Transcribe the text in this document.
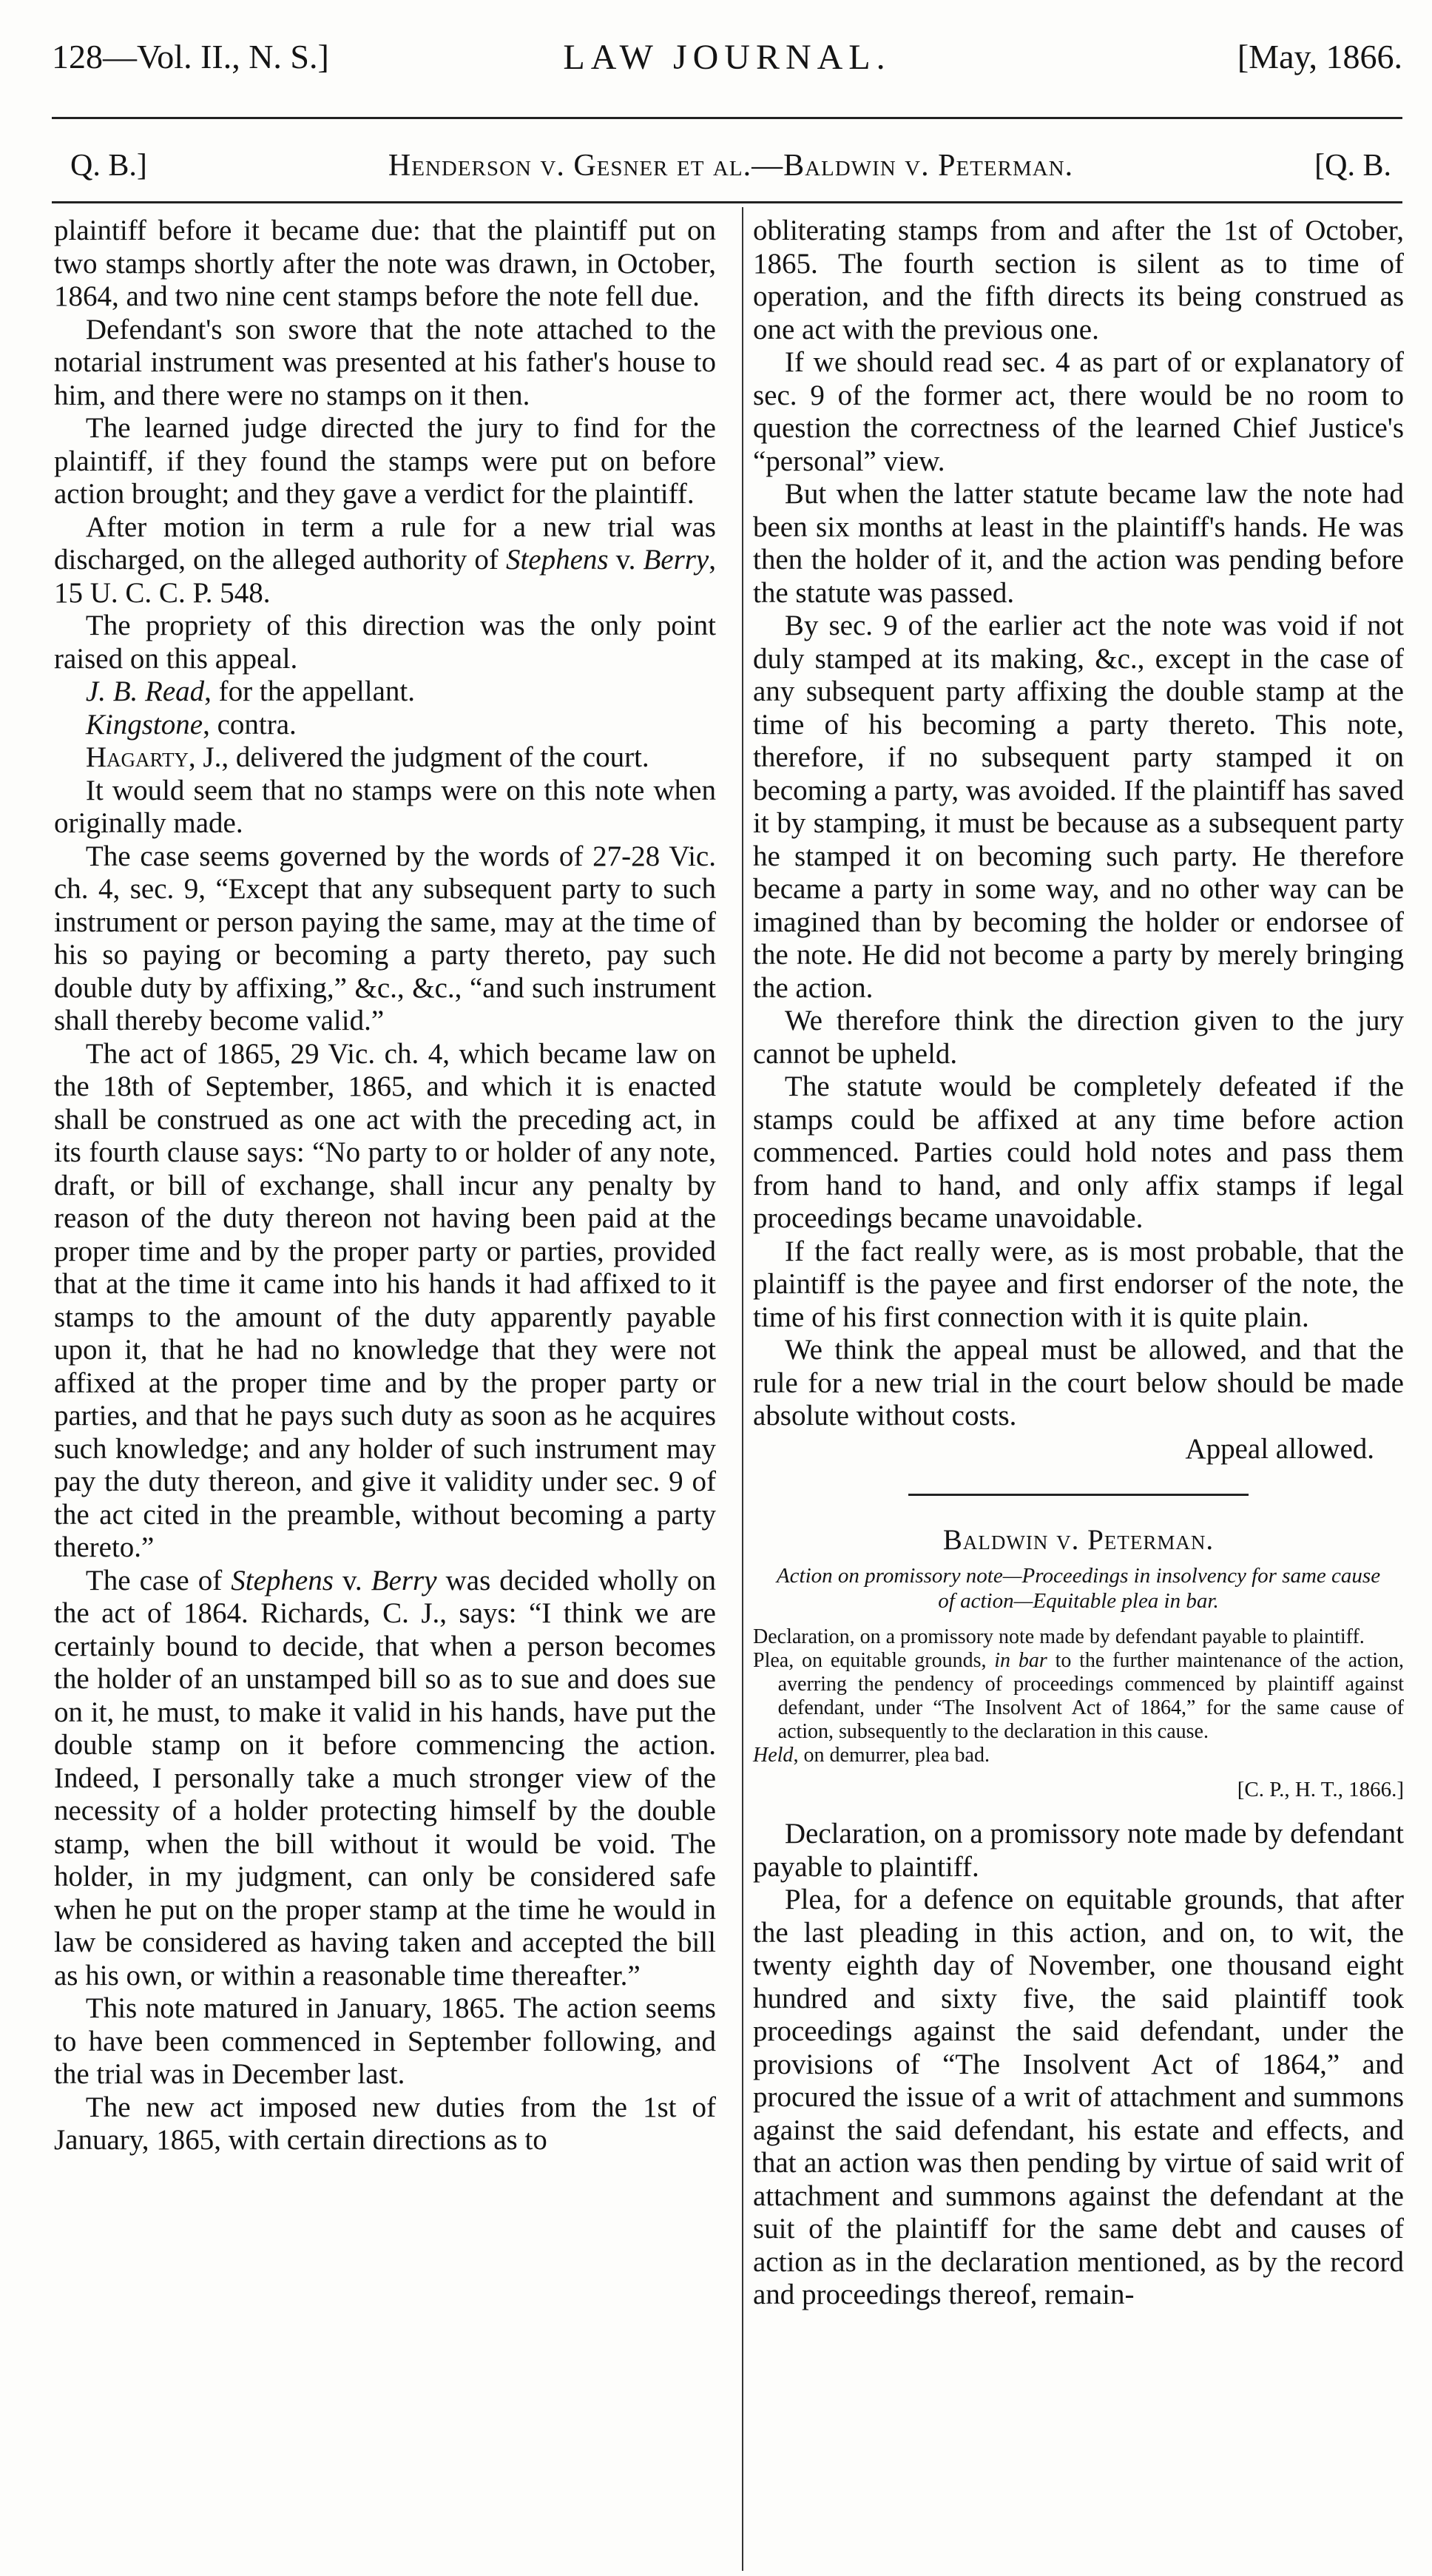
128—Vol. II., N. S.]	LAW JOURNAL.	[May, 1866.
Q. B.]	Henderson v. Gesner et al.—Baldwin v. Peterman.	[Q. B.

plaintiff before it became due: that the plaintiff put on two stamps shortly after the note was drawn, in October, 1864, and two nine cent stamps before the note fell due.

Defendant's son swore that the note attached to the notarial instrument was presented at his father's house to him, and there were no stamps on it then.

The learned judge directed the jury to find for the plaintiff, if they found the stamps were put on before action brought; and they gave a verdict for the plaintiff.

After motion in term a rule for a new trial was discharged, on the alleged authority of Stephens v. Berry, 15 U. C. C. P. 548.

The propriety of this direction was the only point raised on this appeal.

J. B. Read, for the appellant.

Kingstone, contra.

Hagarty, J., delivered the judgment of the court.

It would seem that no stamps were on this note when originally made.

The case seems governed by the words of 27-28 Vic. ch. 4, sec. 9, “Except that any subsequent party to such instrument or person paying the same, may at the time of his so paying or becoming a party thereto, pay such double duty by affixing,” &c., &c., “and such instrument shall thereby become valid.”

The act of 1865, 29 Vic. ch. 4, which became law on the 18th of September, 1865, and which it is enacted shall be construed as one act with the preceding act, in its fourth clause says: “No party to or holder of any note, draft, or bill of exchange, shall incur any penalty by reason of the duty thereon not having been paid at the proper time and by the proper party or parties, provided that at the time it came into his hands it had affixed to it stamps to the amount of the duty apparently payable upon it, that he had no knowledge that they were not affixed at the proper time and by the proper party or parties, and that he pays such duty as soon as he acquires such knowledge; and any holder of such instrument may pay the duty thereon, and give it validity under sec. 9 of the act cited in the preamble, without becoming a party thereto.”

The case of Stephens v. Berry was decided wholly on the act of 1864. Richards, C. J., says: “I think we are certainly bound to decide, that when a person becomes the holder of an unstamped bill so as to sue and does sue on it, he must, to make it valid in his hands, have put the double stamp on it before commencing the action. Indeed, I personally take a much stronger view of the necessity of a holder protecting himself by the double stamp, when the bill without it would be void. The holder, in my judgment, can only be considered safe when he put on the proper stamp at the time he would in law be considered as having taken and accepted the bill as his own, or within a reasonable time thereafter.”

This note matured in January, 1865. The action seems to have been commenced in September following, and the trial was in December last.

The new act imposed new duties from the 1st of January, 1865, with certain directions as to

obliterating stamps from and after the 1st of October, 1865. The fourth section is silent as to time of operation, and the fifth directs its being construed as one act with the previous one.

If we should read sec. 4 as part of or explanatory of sec. 9 of the former act, there would be no room to question the correctness of the learned Chief Justice's “personal” view.

But when the latter statute became law the note had been six months at least in the plaintiff's hands. He was then the holder of it, and the action was pending before the statute was passed.

By sec. 9 of the earlier act the note was void if not duly stamped at its making, &c., except in the case of any subsequent party affixing the double stamp at the time of his becoming a party thereto. This note, therefore, if no subsequent party stamped it on becoming a party, was avoided. If the plaintiff has saved it by stamping, it must be because as a subsequent party he stamped it on becoming such party. He therefore became a party in some way, and no other way can be imagined than by becoming the holder or endorsee of the note. He did not become a party by merely bringing the action.

We therefore think the direction given to the jury cannot be upheld.

The statute would be completely defeated if the stamps could be affixed at any time before action commenced. Parties could hold notes and pass them from hand to hand, and only affix stamps if legal proceedings became unavoidable.

If the fact really were, as is most probable, that the plaintiff is the payee and first endorser of the note, the time of his first connection with it is quite plain.

We think the appeal must be allowed, and that the rule for a new trial in the court below should be made absolute without costs.

Appeal allowed.

Baldwin v. Peterman.
Action on promissory note—Proceedings in insolvency for same cause of action—Equitable plea in bar.

Declaration, on a promissory note made by defendant payable to plaintiff.

Plea, on equitable grounds, in bar to the further maintenance of the action, averring the pendency of proceedings commenced by plaintiff against defendant, under “The Insolvent Act of 1864,” for the same cause of action, subsequently to the declaration in this cause.

Held, on demurrer, plea bad.

[C. P., H. T., 1866.]

Declaration, on a promissory note made by defendant payable to plaintiff.

Plea, for a defence on equitable grounds, that after the last pleading in this action, and on, to wit, the twenty eighth day of November, one thousand eight hundred and sixty five, the said plaintiff took proceedings against the said defendant, under the provisions of “The Insolvent Act of 1864,” and procured the issue of a writ of attachment and summons against the said defendant, his estate and effects, and that an action was then pending by virtue of said writ of attachment and summons against the defendant at the suit of the plaintiff for the same debt and causes of action as in the declaration mentioned, as by the record and proceedings thereof, remain-
